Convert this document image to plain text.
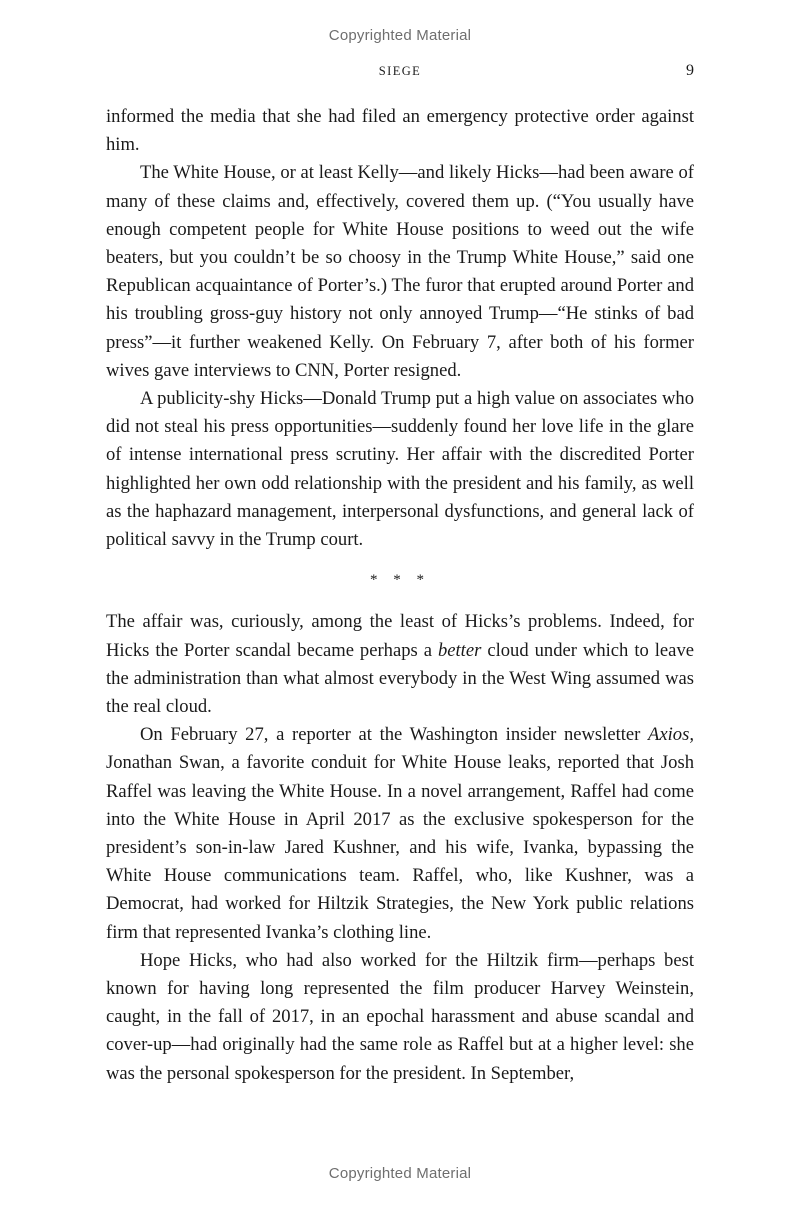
Copyrighted Material
SIEGE	9

informed the media that she had filed an emergency protective order against him.

The White House, or at least Kelly—and likely Hicks—had been aware of many of these claims and, effectively, covered them up. (“You usually have enough competent people for White House positions to weed out the wife beaters, but you couldn’t be so choosy in the Trump White House,” said one Republican acquaintance of Porter’s.) The furor that erupted around Porter and his troubling gross-guy history not only annoyed Trump—“He stinks of bad press”—it further weakened Kelly. On February 7, after both of his former wives gave interviews to CNN, Porter resigned.

A publicity-shy Hicks—Donald Trump put a high value on associates who did not steal his press opportunities—suddenly found her love life in the glare of intense international press scrutiny. Her affair with the discredited Porter highlighted her own odd relationship with the president and his family, as well as the haphazard management, interpersonal dysfunctions, and general lack of political savvy in the Trump court.

* * *

The affair was, curiously, among the least of Hicks’s problems. Indeed, for Hicks the Porter scandal became perhaps a better cloud under which to leave the administration than what almost everybody in the West Wing assumed was the real cloud.

On February 27, a reporter at the Washington insider newsletter Axios, Jonathan Swan, a favorite conduit for White House leaks, reported that Josh Raffel was leaving the White House. In a novel arrangement, Raffel had come into the White House in April 2017 as the exclusive spokesperson for the president’s son-in-law Jared Kushner, and his wife, Ivanka, bypassing the White House communications team. Raffel, who, like Kushner, was a Democrat, had worked for Hiltzik Strategies, the New York public relations firm that represented Ivanka’s clothing line.

Hope Hicks, who had also worked for the Hiltzik firm—perhaps best known for having long represented the film producer Harvey Weinstein, caught, in the fall of 2017, in an epochal harassment and abuse scandal and cover-up—had originally had the same role as Raffel but at a higher level: she was the personal spokesperson for the president. In September,

Copyrighted Material
